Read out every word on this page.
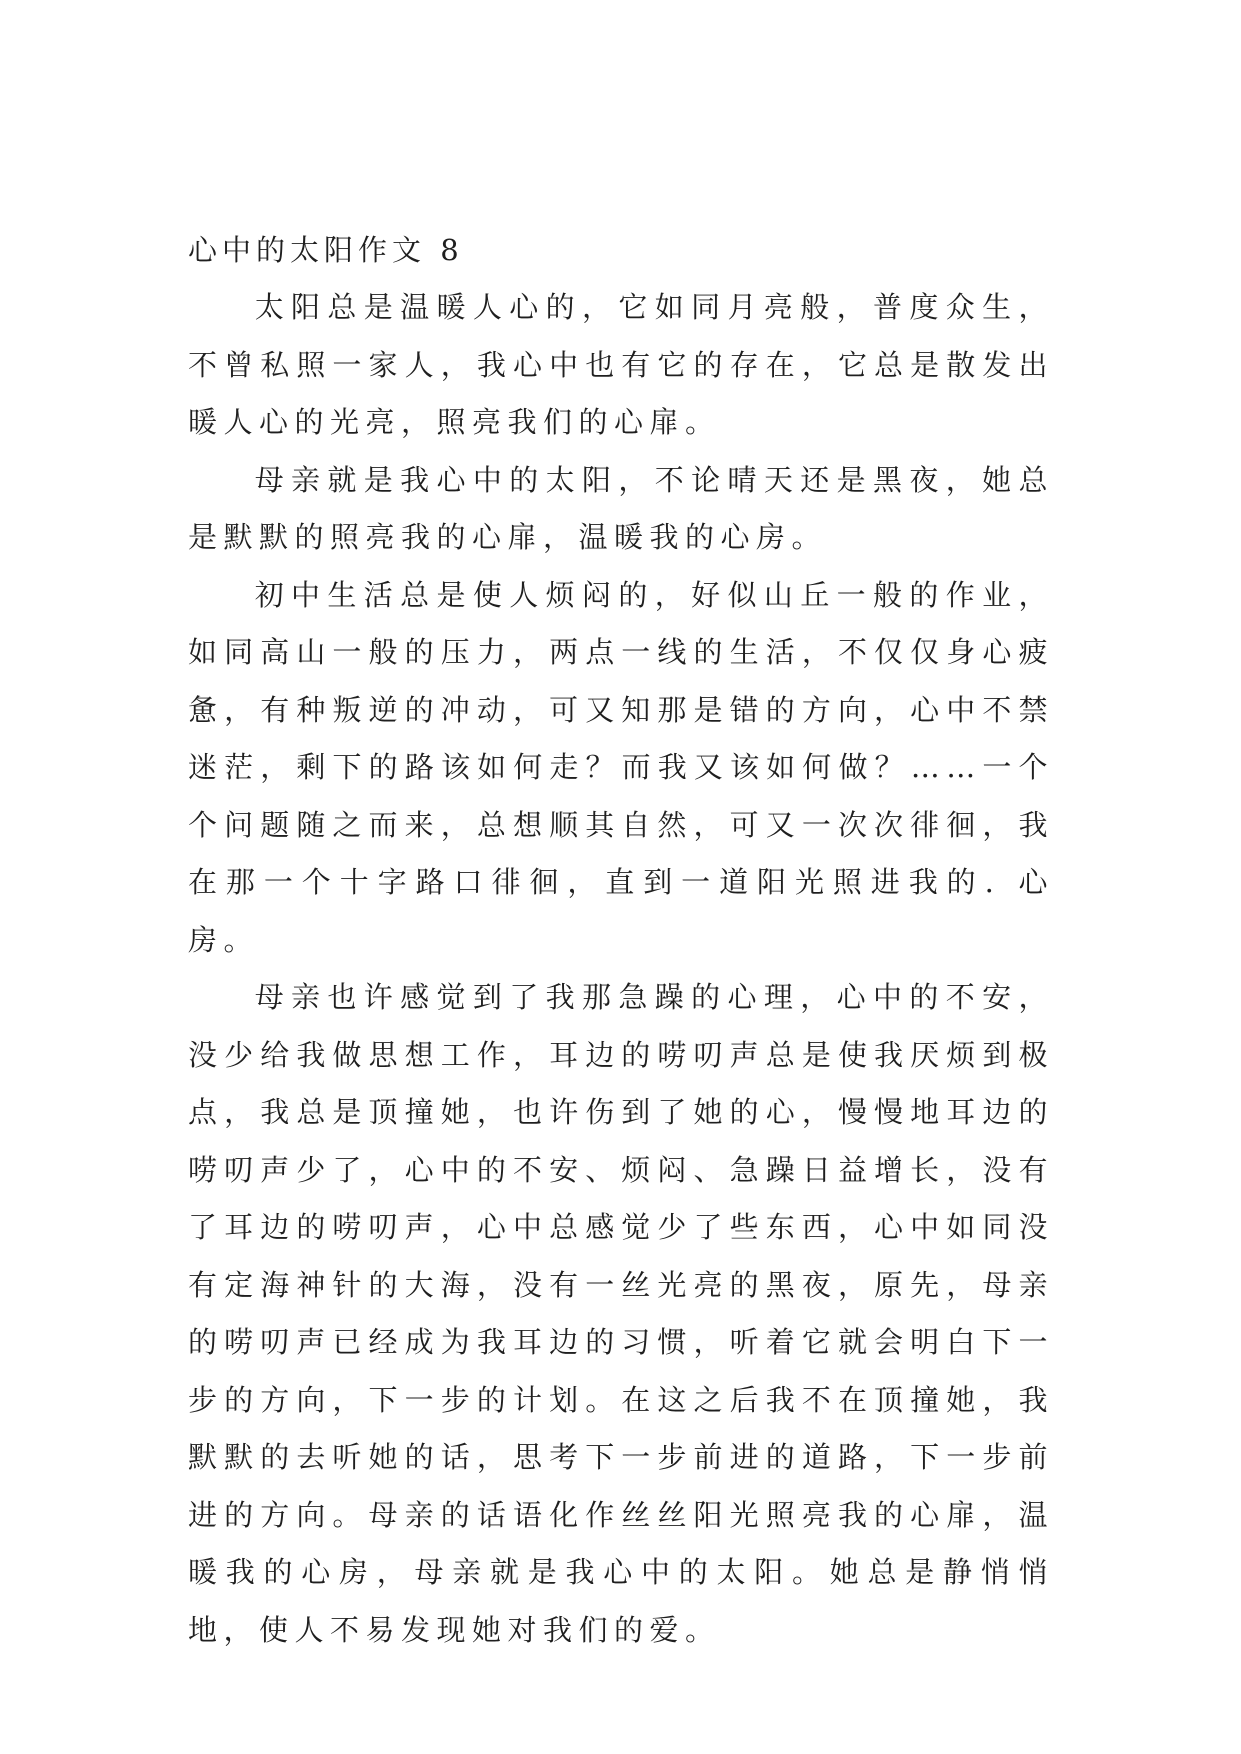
心中的太阳作文 8

太阳总是温暖人心的，它如同月亮般，普度众生，不曾私照一家人，我心中也有它的存在，它总是散发出暖人心的光亮，照亮我们的心扉。

母亲就是我心中的太阳，不论晴天还是黑夜，她总是默默的照亮我的心扉，温暖我的心房。

初中生活总是使人烦闷的，好似山丘一般的作业，如同高山一般的压力，两点一线的生活，不仅仅身心疲惫，有种叛逆的冲动，可又知那是错的方向，心中不禁迷茫，剩下的路该如何走？而我又该如何做？……一个个问题随之而来，总想顺其自然，可又一次次徘徊，我在那一个十字路口徘徊，直到一道阳光照进我的. 心房。

母亲也许感觉到了我那急躁的心理，心中的不安，没少给我做思想工作，耳边的唠叨声总是使我厌烦到极点，我总是顶撞她，也许伤到了她的心，慢慢地耳边的唠叨声少了，心中的不安、烦闷、急躁日益增长，没有了耳边的唠叨声，心中总感觉少了些东西，心中如同没有定海神针的大海，没有一丝光亮的黑夜，原先，母亲的唠叨声已经成为我耳边的习惯，听着它就会明白下一步的方向，下一步的计划。在这之后我不在顶撞她，我默默的去听她的话，思考下一步前进的道路，下一步前进的方向。母亲的话语化作丝丝阳光照亮我的心扉，温暖我的心房，母亲就是我心中的太阳。她总是静悄悄地，使人不易发现她对我们的爱。
